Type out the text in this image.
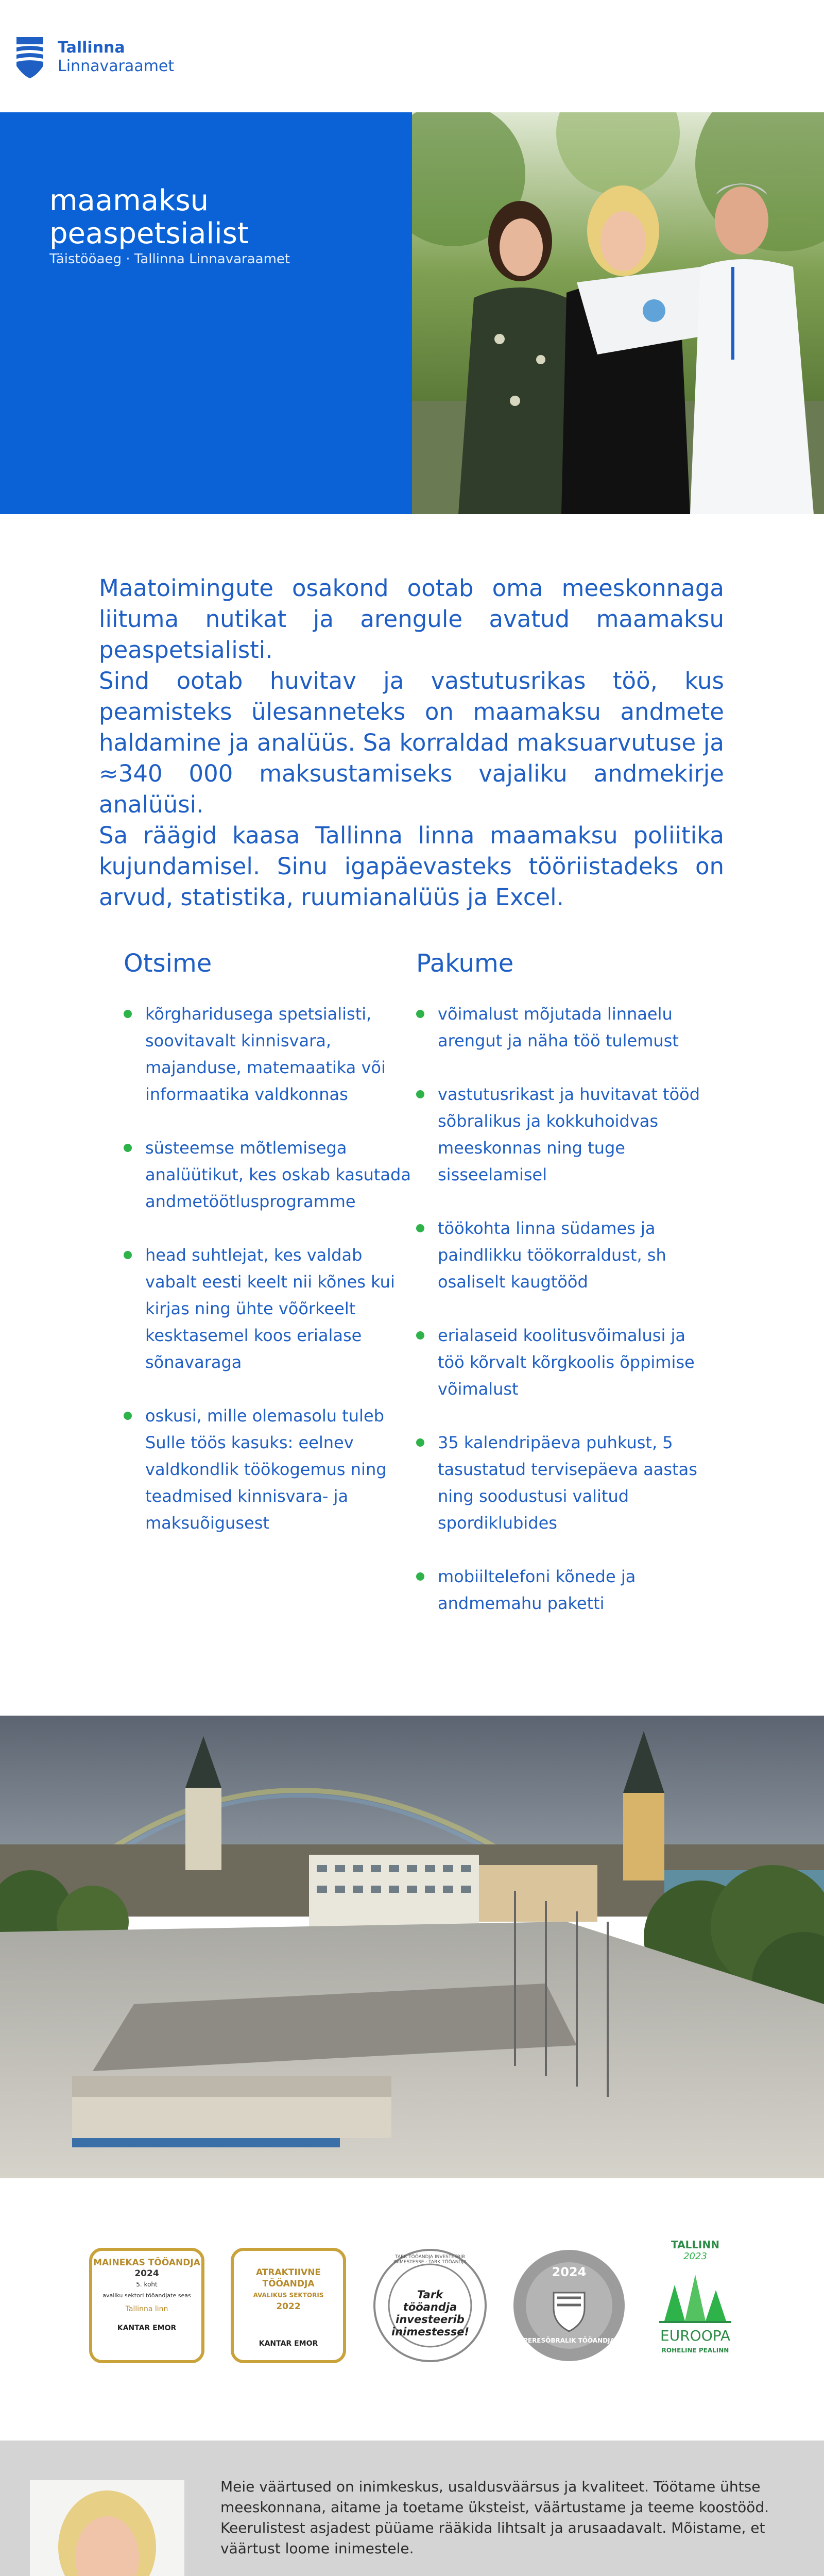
Tallinna
Linnavaraamet
maamaksu peaspetsialist
Täistööaeg · Tallinna Linnavaraamet

Maatoimingute osakond ootab oma meeskonnaga liituma nutikat ja arengule avatud maamaksu peaspetsialisti.

Sind ootab huvitav ja vastutusrikas töö, kus peamisteks ülesanneteks on maamaksu andmete haldamine ja analüüs. Sa korraldad maksuarvutuse ja ≈340 000 maksustamiseks vajaliku andmekirje analüüsi.

Sa räägid kaasa Tallinna linna maamaksu poliitika kujundamisel. Sinu igapäevasteks tööriistadeks on arvud, statistika, ruumianalüüs ja Excel.

Otsime
kõrgharidusega spetsialisti, soovitavalt kinnisvara, majanduse, matemaatika või informaatika valdkonnas
süsteemse mõtlemisega analüütikut, kes oskab kasutada andmetöötlusprogramme
head suhtlejat, kes valdab vabalt eesti keelt nii kõnes kui kirjas ning ühte võõrkeelt kesktasemel koos erialase sõnavaraga
oskusi, mille olemasolu tuleb Sulle töös kasuks: eelnev valdkondlik töökogemus ning teadmised kinnisvara- ja maksuõigusest
Pakume
võimalust mõjutada linnaelu arengut ja näha töö tulemust
vastutusrikast ja huvitavat tööd sõbralikus ja kokkuhoidvas meeskonnas ning tuge sisseelamisel
töökohta linna südames ja paindlikku töökorraldust, sh osaliselt kaugtööd
erialaseid koolitusvõimalusi ja töö kõrvalt kõrgkoolis õppimise võimalust
35 kalendripäeva puhkust, 5 tasustatud tervisepäeva aastas ning soodustusi valitud spordiklubides
mobiiltelefoni kõnede ja andmemahu paketti
MAINEKAS TÖÖANDJA
2024
5. koht
avaliku sektori tööandjate seas
Tallinna linn
KANTAR EMOR
ATRAKTIIVNE TÖÖANDJA
AVALIKUS SEKTORIS
2022
KANTAR EMOR
TARK TÖÖANDJA INVESTEERIB INIMESTESSE · TARK TÖÖANDJA
Tark tööandja
investeerib
inimestesse!
2024
PERESÕBRALIK TÖÖANDJA
TALLINN
2023
EUROOPA
ROHELINE PEALINN

Meie väärtused on inimkeskus, usaldusväärsus ja kvaliteet. Töötame ühtse meeskonnana, aitame ja toetame üksteist, väärtustame ja teeme koostööd. Keerulistest asjadest püüame rääkida lihtsalt ja arusaadavalt. Mõistame, et väärtust loome inimestele.
